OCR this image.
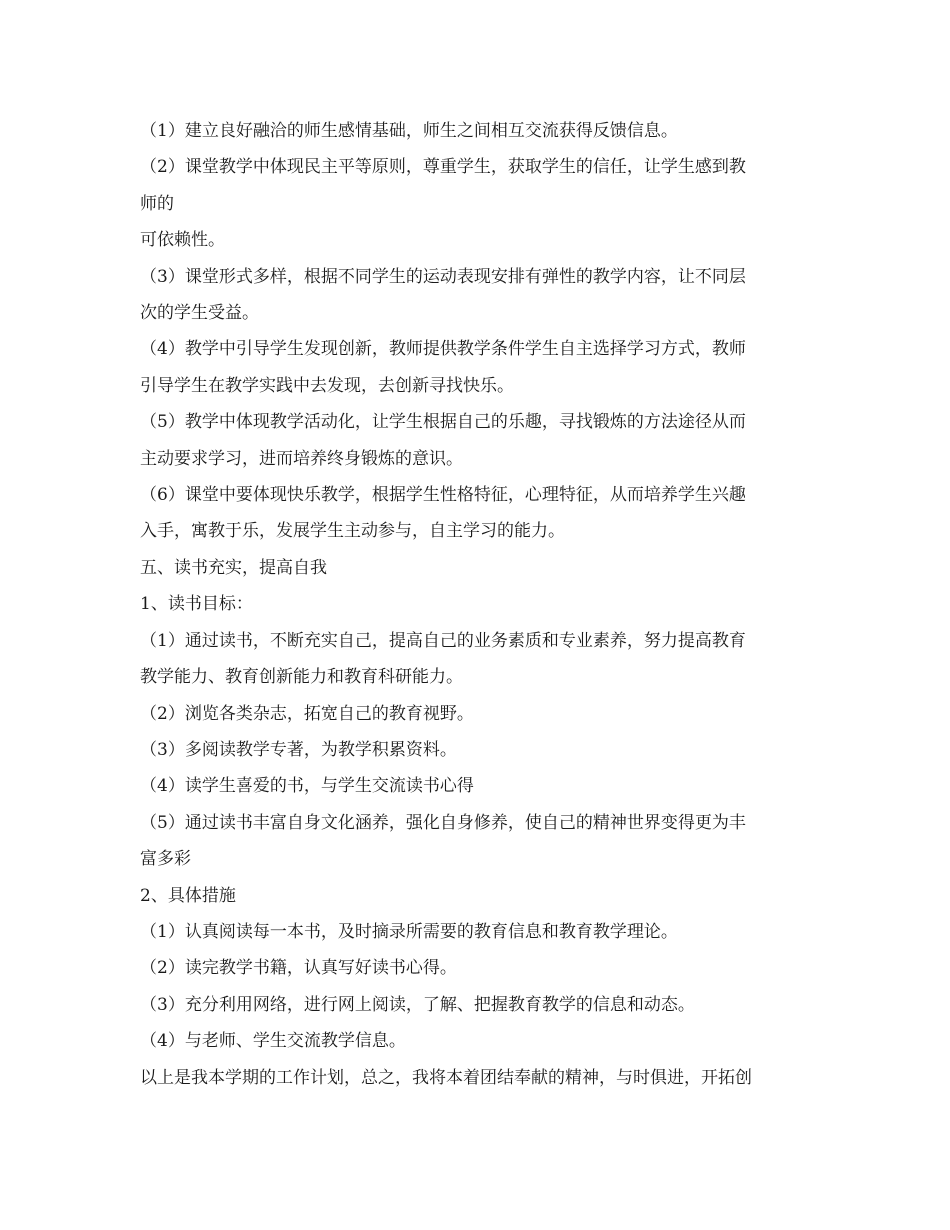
（1）建立良好融洽的师生感情基础，师生之间相互交流获得反馈信息。

（2）课堂教学中体现民主平等原则，尊重学生，获取学生的信任，让学生感到教

师的

可依赖性。

（3）课堂形式多样，根据不同学生的运动表现安排有弹性的教学内容，让不同层

次的学生受益。

（4）教学中引导学生发现创新，教师提供教学条件学生自主选择学习方式，教师

引导学生在教学实践中去发现，去创新寻找快乐。

（5）教学中体现教学活动化，让学生根据自己的乐趣，寻找锻炼的方法途径从而

主动要求学习，进而培养终身锻炼的意识。

（6）课堂中要体现快乐教学，根据学生性格特征，心理特征，从而培养学生兴趣

入手，寓教于乐，发展学生主动参与，自主学习的能力。

五、读书充实，提高自我

1、读书目标：

（1）通过读书，不断充实自己，提高自己的业务素质和专业素养，努力提高教育

教学能力、教育创新能力和教育科研能力。

（2）浏览各类杂志，拓宽自己的教育视野。

（3）多阅读教学专著，为教学积累资料。

（4）读学生喜爱的书，与学生交流读书心得

（5）通过读书丰富自身文化涵养，强化自身修养，使自己的精神世界变得更为丰

富多彩

2、具体措施

（1）认真阅读每一本书，及时摘录所需要的教育信息和教育教学理论。

（2）读完教学书籍，认真写好读书心得。

（3）充分利用网络，进行网上阅读，了解、把握教育教学的信息和动态。

（4）与老师、学生交流教学信息。

以上是我本学期的工作计划，总之，我将本着团结奉献的精神，与时俱进，开拓创
